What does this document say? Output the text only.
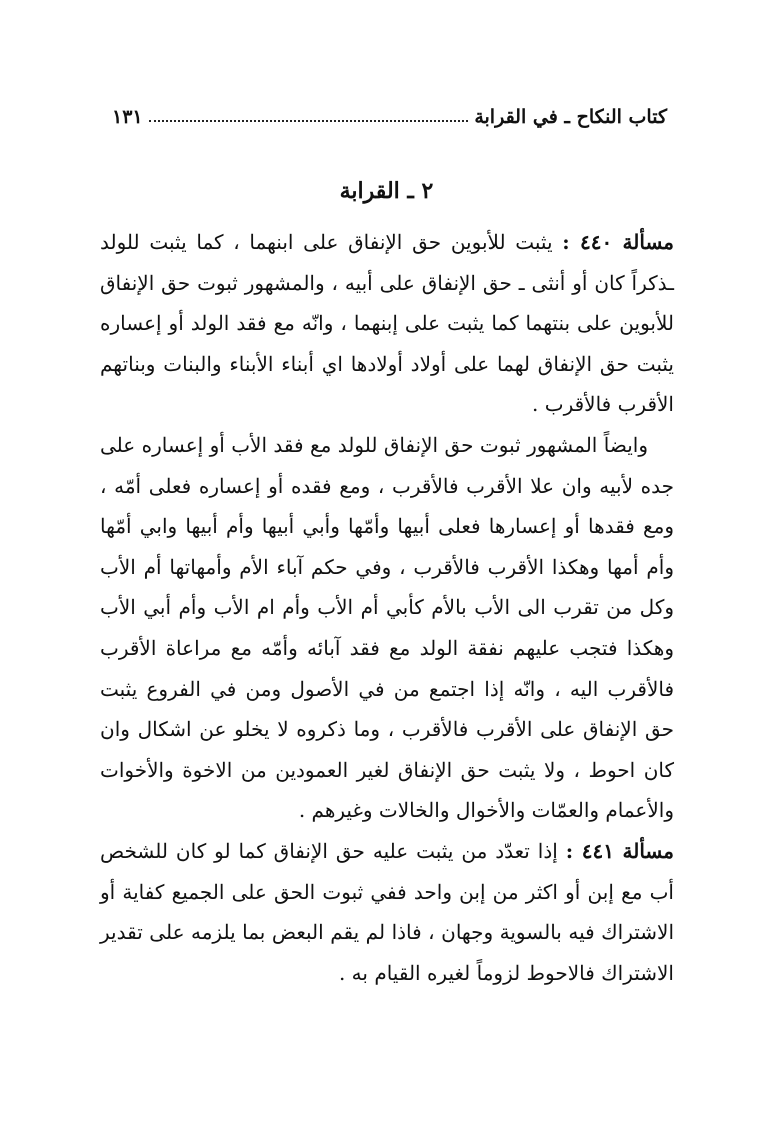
كتاب النكاح ـ في القرابة
١٣١
٢ ـ القرابة

مسألة ٤٤٠ : يثبت للأبوين حق الإنفاق على ابنهما ، كما يثبت للولد ـذكراً كان أو أنثى ـ حق الإنفاق على أبيه ، والمشهور ثبوت حق الإنفاق للأبوين على بنتهما كما يثبت على إبنهما ، وانّه مع فقد الولد أو إعساره يثبت حق الإنفاق لهما على أولاد أولادها اي أبناء الأبناء والبنات وبناتهم الأقرب فالأقرب .

وايضاً المشهور ثبوت حق الإنفاق للولد مع فقد الأب أو إعساره على جده لأبيه وان علا الأقرب فالأقرب ، ومع فقده أو إعساره فعلى أمّه ، ومع فقدها أو إعسارها فعلى أبيها وأمّها وأبي أبيها وأم أبيها وابي أمّها وأم أمها وهكذا الأقرب فالأقرب ، وفي حكم آباء الأم وأمهاتها أم الأب وكل من تقرب الى الأب بالأم كأبي أم الأب وأم ام الأب وأم أبي الأب وهكذا فتجب عليهم نفقة الولد مع فقد آبائه وأمّه مع مراعاة الأقرب فالأقرب اليه ، وانّه إذا اجتمع من في الأصول ومن في الفروع يثبت حق الإنفاق على الأقرب فالأقرب ، وما ذكروه لا يخلو عن اشكال وان كان احوط ، ولا يثبت حق الإنفاق لغير العمودين من الاخوة والأخوات والأعمام والعمّات والأخوال والخالات وغيرهم .

مسألة ٤٤١ : إذا تعدّد من يثبت عليه حق الإنفاق كما لو كان للشخص أب مع إبن أو اكثر من إبن واحد ففي ثبوت الحق على الجميع كفاية أو الاشتراك فيه بالسوية وجهان ، فاذا لم يقم البعض بما يلزمه على تقدير الاشتراك فالاحوط لزوماً لغيره القيام به .
